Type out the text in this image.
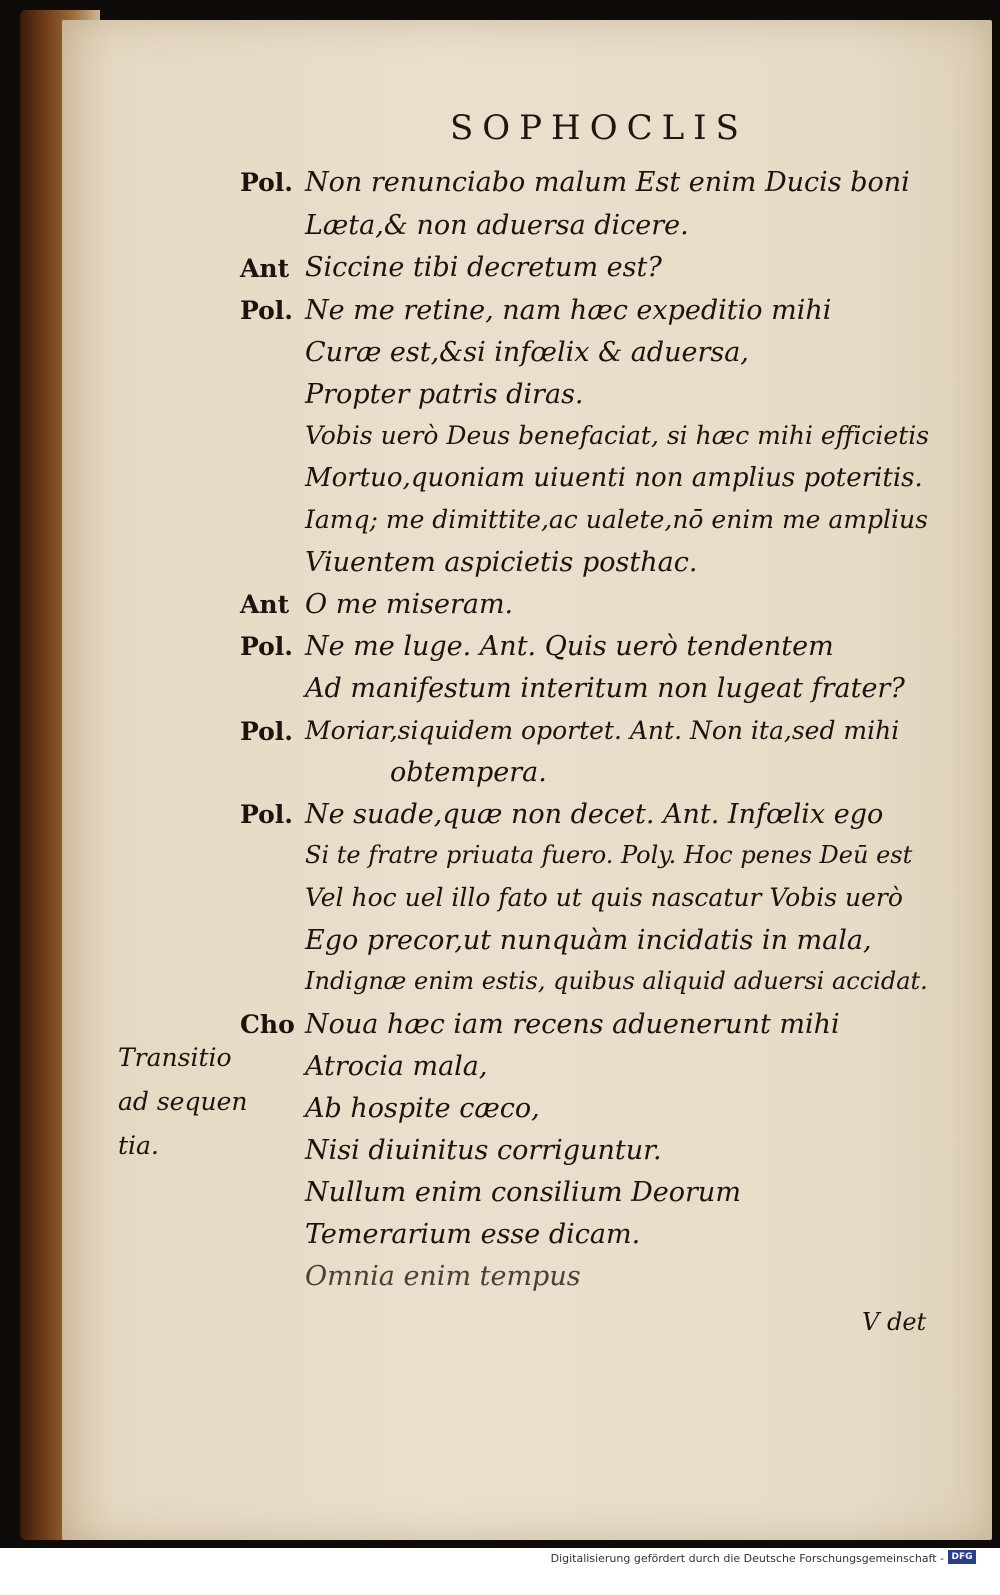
SOPHOCLIS
Pol.
Ant
Pol.
Ant
Pol.
Pol.
Pol.
Cho
Non renunciabo malum Est enim Ducis boni
Læta,& non aduersa dicere.
Siccine tibi decretum est?
Ne me retine, nam hæc expeditio mihi
Curæ est,&si infœlix & aduersa,
Propter patris diras.
Vobis uerò Deus benefaciat, si hæc mihi efficietis
Mortuo,quoniam uiuenti non amplius poteritis.
Iamq; me dimittite,ac ualete,nō enim me amplius
Viuentem aspicietis posthac.
O me miseram.
Ne me luge. Ant. Quis uerò tendentem
Ad manifestum interitum non lugeat frater?
Moriar,siquidem oportet. Ant. Non ita,sed mihi
obtempera.
Ne suade,quæ non decet. Ant. Infœlix ego
Si te fratre priuata fuero. Poly. Hoc penes Deū est
Vel hoc uel illo fato ut quis nascatur Vobis uerò
Ego precor,ut nunquàm incidatis in mala,
Indignæ enim estis, quibus aliquid aduersi accidat.
Noua hæc iam recens aduenerunt mihi
Atrocia mala,
Ab hospite cæco,
Nisi diuinitus corriguntur.
Nullum enim consilium Deorum
Temerarium esse dicam.
Omnia enim tempus
Transitio
ad sequen
tia.
V det
Digitalisierung gefördert durch die Deutsche Forschungsgemeinschaft - DFG
